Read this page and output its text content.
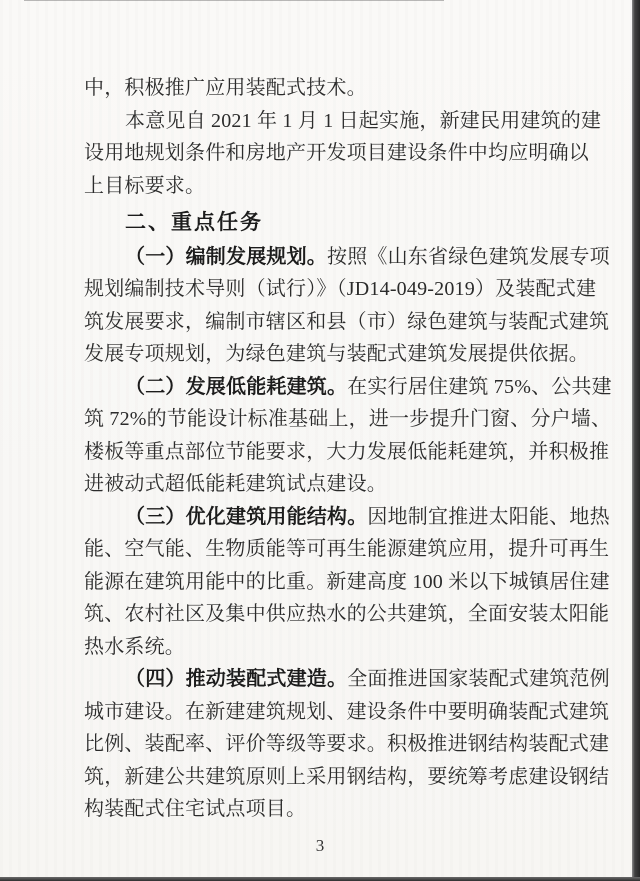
中，积极推广应用装配式技术。
本意见自 2021 年 1 月 1 日起实施，新建民用建筑的建
设用地规划条件和房地产开发项目建设条件中均应明确以
上目标要求。
二、重点任务
（一）编制发展规划。按照《山东省绿色建筑发展专项
规划编制技术导则（试行）》（JD14-049-2019）及装配式建
筑发展要求，编制市辖区和县（市）绿色建筑与装配式建筑
发展专项规划，为绿色建筑与装配式建筑发展提供依据。
（二）发展低能耗建筑。在实行居住建筑 75%、公共建
筑 72%的节能设计标准基础上，进一步提升门窗、分户墙、
楼板等重点部位节能要求，大力发展低能耗建筑，并积极推
进被动式超低能耗建筑试点建设。
（三）优化建筑用能结构。因地制宜推进太阳能、地热
能、空气能、生物质能等可再生能源建筑应用，提升可再生
能源在建筑用能中的比重。新建高度 100 米以下城镇居住建
筑、农村社区及集中供应热水的公共建筑，全面安装太阳能
热水系统。
（四）推动装配式建造。全面推进国家装配式建筑范例
城市建设。在新建建筑规划、建设条件中要明确装配式建筑
比例、装配率、评价等级等要求。积极推进钢结构装配式建
筑，新建公共建筑原则上采用钢结构，要统筹考虑建设钢结
构装配式住宅试点项目。
3
